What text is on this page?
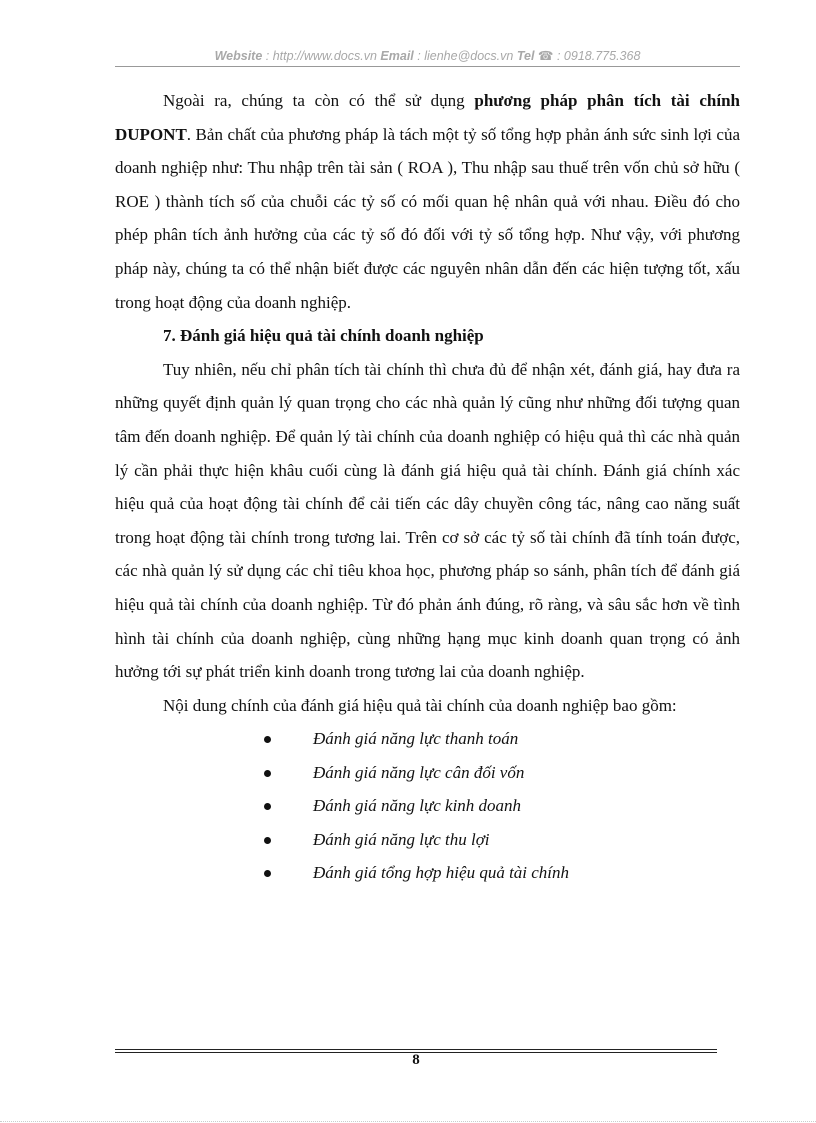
Website : http://www.docs.vn Email : lienhe@docs.vn Tel ☎ : 0918.775.368

Ngoài ra, chúng ta còn có thể sử dụng phương pháp phân tích tài chính DUPONT. Bản chất của phương pháp là tách một tỷ số tổng hợp phản ánh sức sinh lợi của doanh nghiệp như: Thu nhập trên tài sản ( ROA ), Thu nhập sau thuế trên vốn chủ sở hữu ( ROE ) thành tích số của chuỗi các tỷ số có mối quan hệ nhân quả với nhau. Điều đó cho phép phân tích ảnh hưởng của các tỷ số đó đối với tỷ số tổng hợp. Như vậy, với phương pháp này, chúng ta có thể nhận biết được các nguyên nhân dẫn đến các hiện tượng tốt, xấu trong hoạt động của doanh nghiệp.

7. Đánh giá hiệu quả tài chính doanh nghiệp

Tuy nhiên, nếu chỉ phân tích tài chính thì chưa đủ để nhận xét, đánh giá, hay đưa ra những quyết định quản lý quan trọng cho các nhà quản lý cũng như những đối tượng quan tâm đến doanh nghiệp. Để quản lý tài chính của doanh nghiệp có hiệu quả thì các nhà quản lý cần phải thực hiện khâu cuối cùng là đánh giá hiệu quả tài chính. Đánh giá chính xác hiệu quả của hoạt động tài chính để cải tiến các dây chuyền công tác, nâng cao năng suất trong hoạt động tài chính trong tương lai. Trên cơ sở các tỷ số tài chính đã tính toán được, các nhà quản lý sử dụng các chỉ tiêu khoa học, phương pháp so sánh, phân tích để đánh giá hiệu quả tài chính của doanh nghiệp. Từ đó phản ánh đúng, rõ ràng, và sâu sắc hơn về tình hình tài chính của doanh nghiệp, cùng những hạng mục kinh doanh quan trọng có ảnh hưởng tới sự phát triển kinh doanh trong tương lai của doanh nghiệp.

Nội dung chính của đánh giá hiệu quả tài chính của doanh nghiệp bao gồm:

Đánh giá năng lực thanh toán
Đánh giá năng lực cân đối vốn
Đánh giá năng lực kinh doanh
Đánh giá năng lực thu lợi
Đánh giá tổng hợp hiệu quả tài chính
8
